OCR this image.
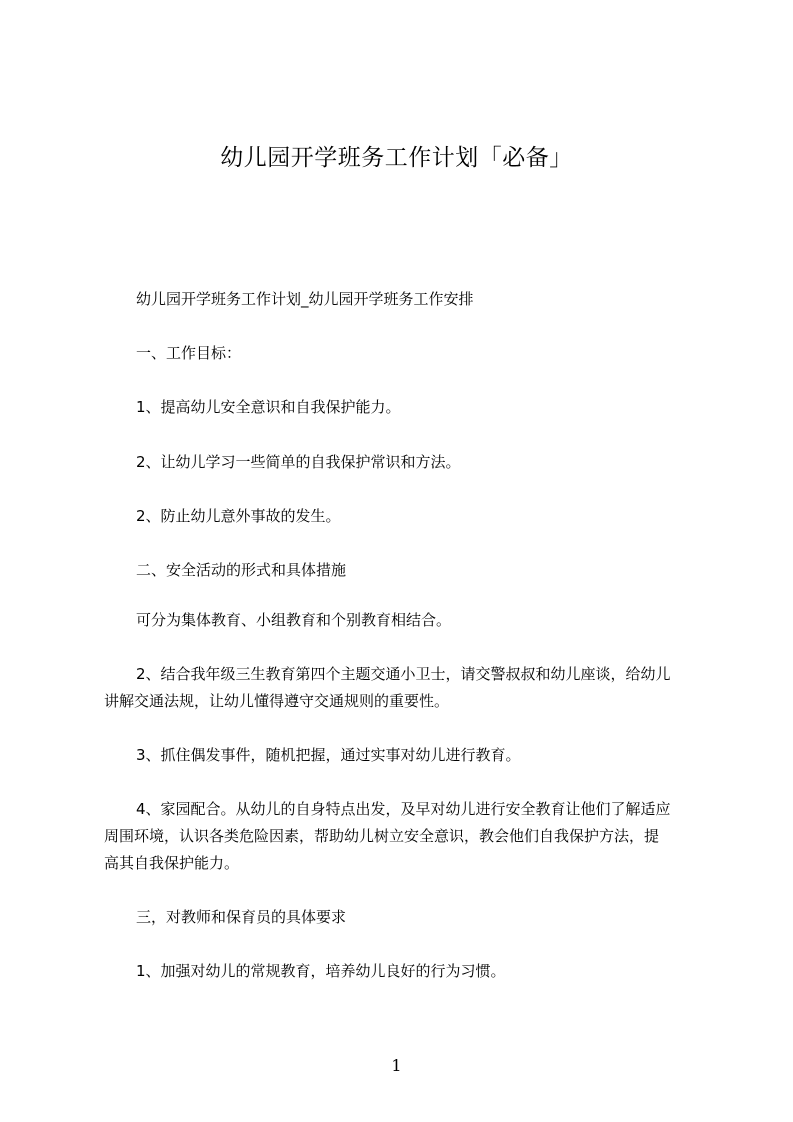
幼儿园开学班务工作计划「必备」
幼儿园开学班务工作计划_幼儿园开学班务工作安排
一、工作目标：
1、提高幼儿安全意识和自我保护能力。
2、让幼儿学习一些简单的自我保护常识和方法。
2、防止幼儿意外事故的发生。
二、安全活动的形式和具体措施
可分为集体教育、小组教育和个别教育相结合。
2、结合我年级三生教育第四个主题交通小卫士，请交警叔叔和幼儿座谈，给幼儿
讲解交通法规，让幼儿懂得遵守交通规则的重要性。
3、抓住偶发事件，随机把握，通过实事对幼儿进行教育。
4、家园配合。从幼儿的自身特点出发，及早对幼儿进行安全教育让他们了解适应
周围环境，认识各类危险因素，帮助幼儿树立安全意识，教会他们自我保护方法，提
高其自我保护能力。
三，对教师和保育员的具体要求
1、加强对幼儿的常规教育，培养幼儿良好的行为习惯。
1
